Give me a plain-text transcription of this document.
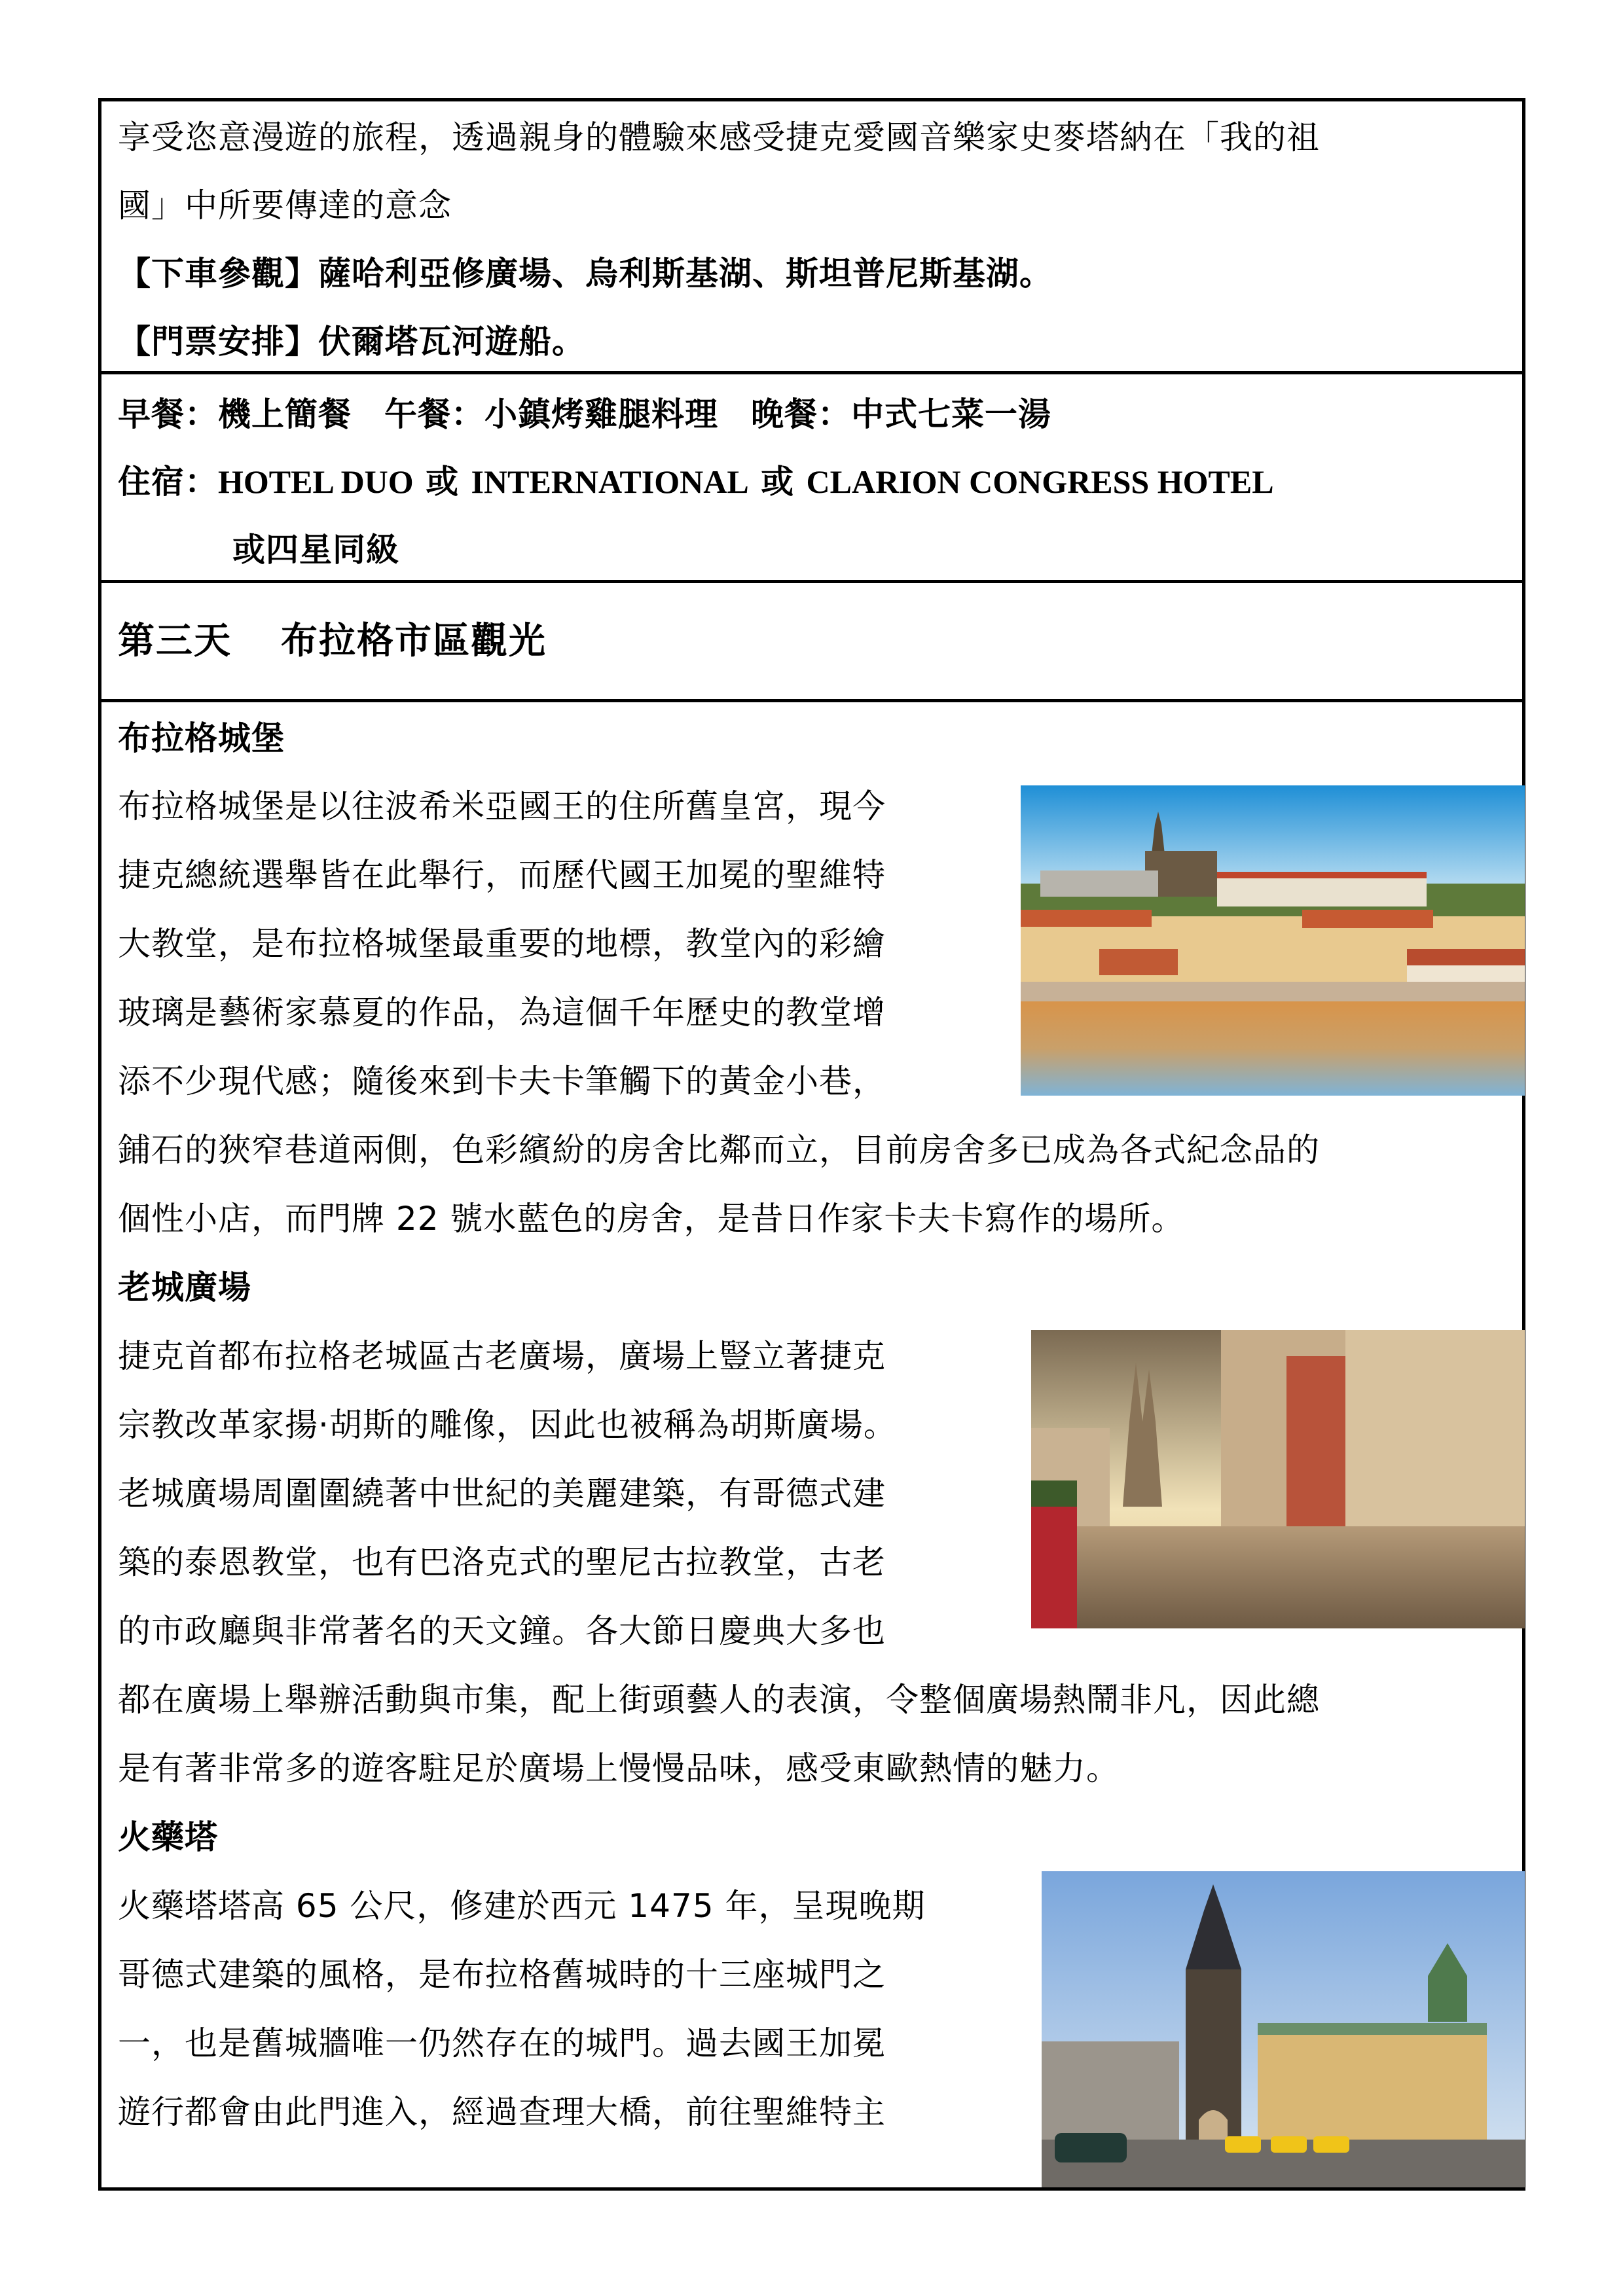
享受恣意漫遊的旅程，透過親身的體驗來感受捷克愛國音樂家史麥塔納在「我的祖
國」中所要傳達的意念
【下車參觀】薩哈利亞修廣場、烏利斯基湖、斯坦普尼斯基湖。
【門票安排】伏爾塔瓦河遊船。
早餐：機上簡餐 午餐：小鎮烤雞腿料理 晚餐：中式七菜一湯
住宿：HOTEL DUO 或 INTERNATIONAL 或 CLARION CONGRESS HOTEL
或四星同級
第三天 布拉格市區觀光
布拉格城堡
布拉格城堡是以往波希米亞國王的住所舊皇宮，現今
捷克總統選舉皆在此舉行，而歷代國王加冕的聖維特
大教堂，是布拉格城堡最重要的地標，教堂內的彩繪
玻璃是藝術家慕夏的作品，為這個千年歷史的教堂增
添不少現代感；隨後來到卡夫卡筆觸下的黃金小巷，
鋪石的狹窄巷道兩側，色彩繽紛的房舍比鄰而立，目前房舍多已成為各式紀念品的
個性小店，而門牌 22 號水藍色的房舍，是昔日作家卡夫卡寫作的場所。
老城廣場
捷克首都布拉格老城區古老廣場，廣場上豎立著捷克
宗教改革家揚·胡斯的雕像，因此也被稱為胡斯廣場。
老城廣場周圍圍繞著中世紀的美麗建築，有哥德式建
築的泰恩教堂，也有巴洛克式的聖尼古拉教堂，古老
的市政廳與非常著名的天文鐘。各大節日慶典大多也
都在廣場上舉辦活動與市集，配上街頭藝人的表演，令整個廣場熱鬧非凡，因此總
是有著非常多的遊客駐足於廣場上慢慢品味，感受東歐熱情的魅力。
火藥塔
火藥塔塔高 65 公尺，修建於西元 1475 年，呈現晚期
哥德式建築的風格，是布拉格舊城時的十三座城門之
一，也是舊城牆唯一仍然存在的城門。過去國王加冕
遊行都會由此門進入，經過查理大橋，前往聖維特主
